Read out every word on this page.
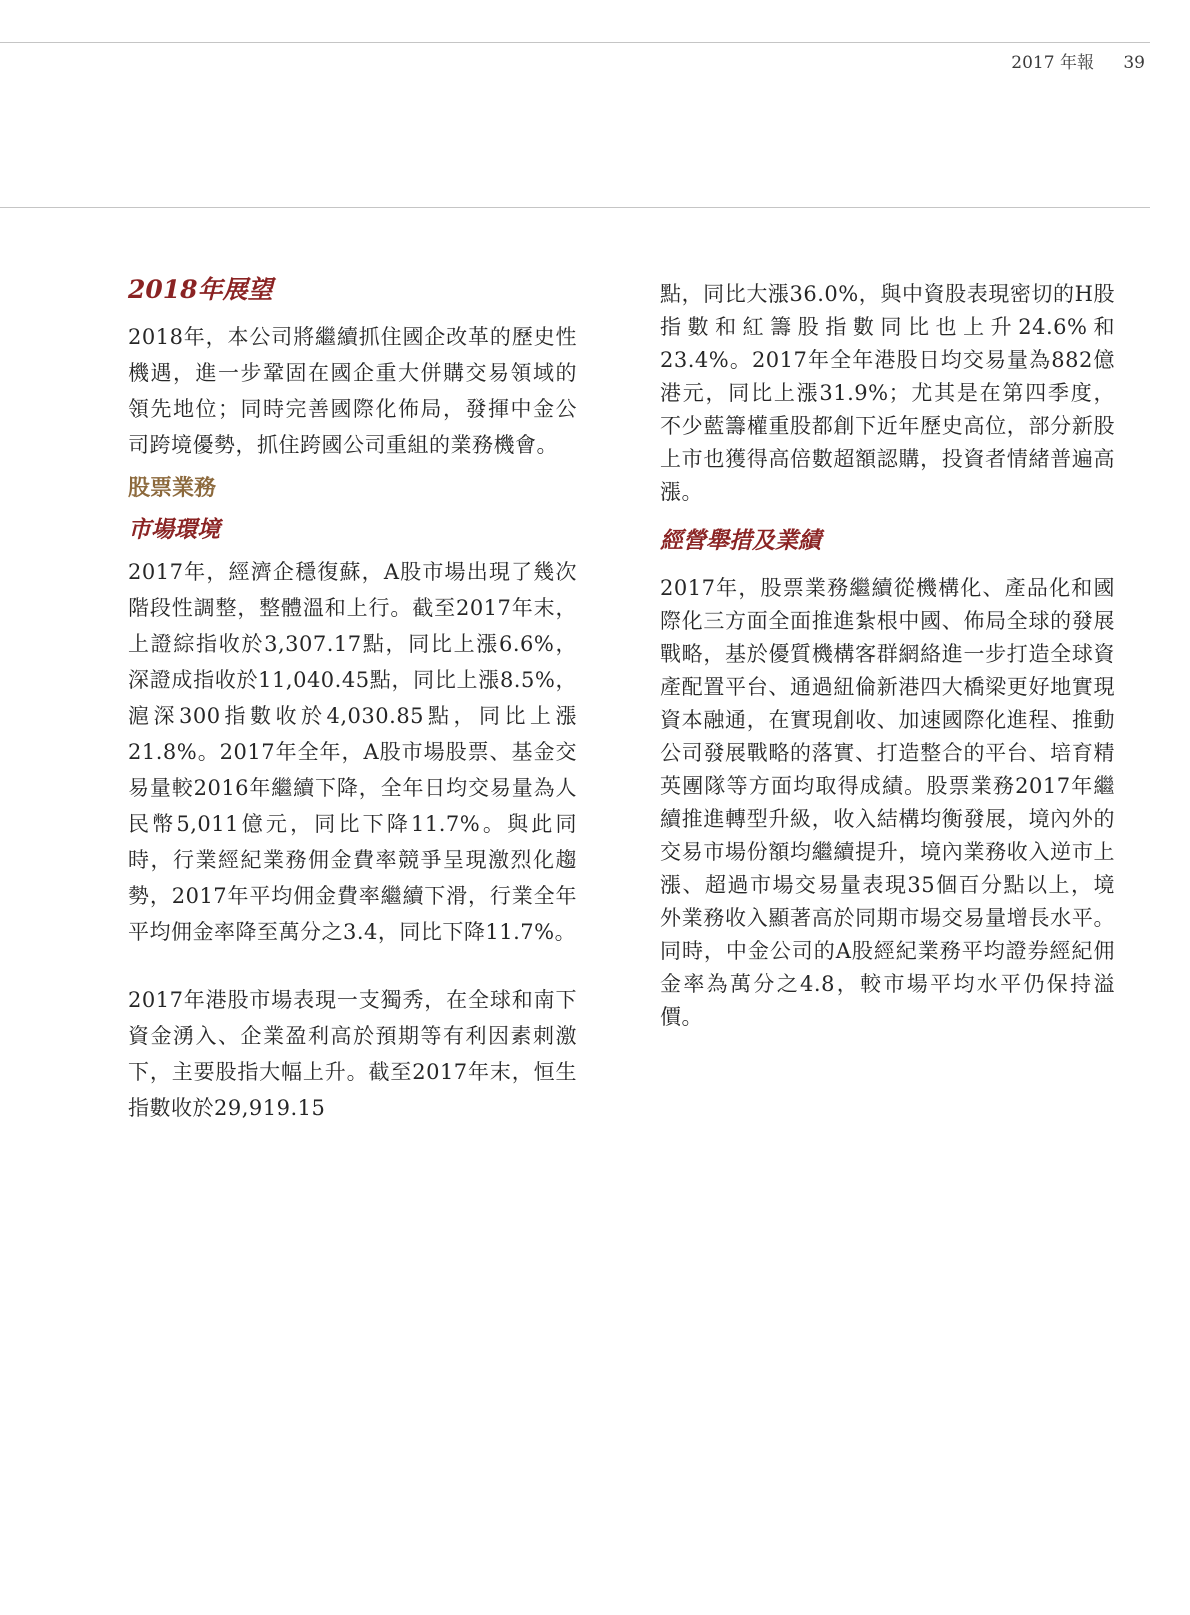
2017 年報 39
2018年展望

2018年，本公司將繼續抓住國企改革的歷史性機遇，進一步鞏固在國企重大併購交易領域的領先地位；同時完善國際化佈局，發揮中金公司跨境優勢，抓住跨國公司重組的業務機會。

股票業務
市場環境

2017年，經濟企穩復蘇，A股市場出現了幾次階段性調整，整體溫和上行。截至2017年末，上證綜指收於3,307.17點，同比上漲6.6%，深證成指收於11,040.45點，同比上漲8.5%，滬深300指數收於4,030.85點，同比上漲21.8%。2017年全年，A股市場股票、基金交易量較2016年繼續下降，全年日均交易量為人民幣5,011億元，同比下降11.7%。與此同時，行業經紀業務佣金費率競爭呈現激烈化趨勢，2017年平均佣金費率繼續下滑，行業全年平均佣金率降至萬分之3.4，同比下降11.7%。

2017年港股市場表現一支獨秀，在全球和南下資金湧入、企業盈利高於預期等有利因素刺激下，主要股指大幅上升。截至2017年末，恒生指數收於29,919.15

點，同比大漲36.0%，與中資股表現密切的H股指數和紅籌股指數同比也上升24.6%和23.4%。2017年全年港股日均交易量為882億港元，同比上漲31.9%；尤其是在第四季度，不少藍籌權重股都創下近年歷史高位，部分新股上市也獲得高倍數超額認購，投資者情緒普遍高漲。

經營舉措及業績

2017年，股票業務繼續從機構化、產品化和國際化三方面全面推進紮根中國、佈局全球的發展戰略，基於優質機構客群網絡進一步打造全球資產配置平台、通過紐倫新港四大橋梁更好地實現資本融通，在實現創收、加速國際化進程、推動公司發展戰略的落實、打造整合的平台、培育精英團隊等方面均取得成績。股票業務2017年繼續推進轉型升級，收入結構均衡發展，境內外的交易市場份額均繼續提升，境內業務收入逆市上漲、超過市場交易量表現35個百分點以上，境外業務收入顯著高於同期市場交易量增長水平。同時，中金公司的A股經紀業務平均證券經紀佣金率為萬分之4.8，較市場平均水平仍保持溢價。
